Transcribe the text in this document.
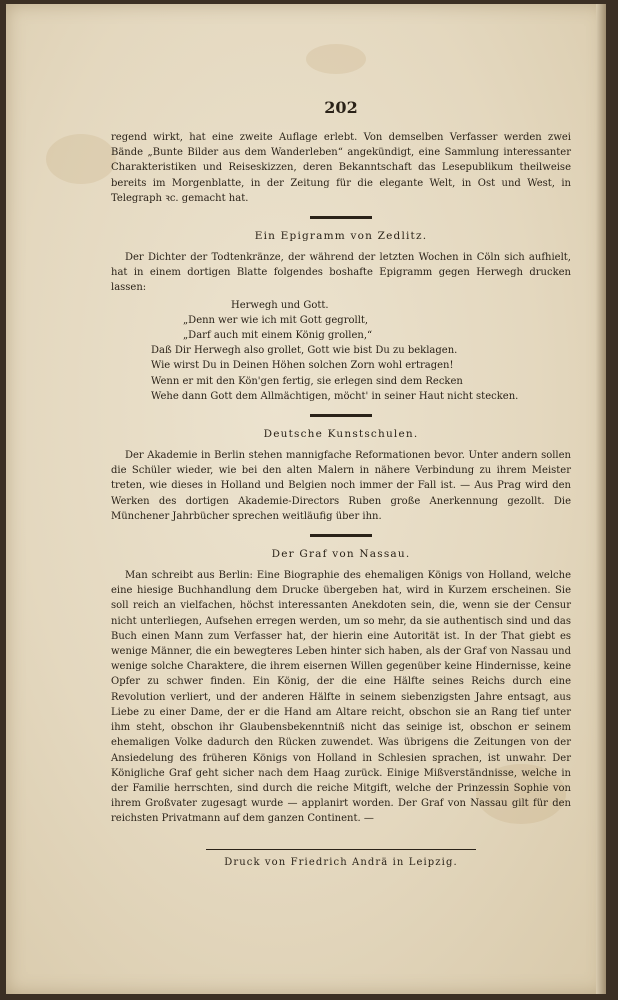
202

regend wirkt, hat eine zweite Auflage erlebt. Von demselben Verfasser werden zwei Bände „Bunte Bilder aus dem Wanderleben“ angekündigt, eine Sammlung interessanter Charakteristiken und Reiseskizzen, deren Bekanntschaft das Lesepublikum theilweise bereits im Morgenblatte, in der Zeitung für die elegante Welt, in Ost und West, in Telegraph ꝛc. gemacht hat.

Ein Epigramm von Zedlitz.

Der Dichter der Todtenkränze, der während der letzten Wochen in Cöln sich aufhielt, hat in einem dortigen Blatte folgendes boshafte Epigramm gegen Herwegh drucken lassen:

Herwegh und Gott.
„Denn wer wie ich mit Gott gegrollt,
„Darf auch mit einem König grollen,“
Daß Dir Herwegh also grollet, Gott wie bist Du zu beklagen.
Wie wirst Du in Deinen Höhen solchen Zorn wohl ertragen!
Wenn er mit den Kön'gen fertig, sie erlegen sind dem Recken
Wehe dann Gott dem Allmächtigen, möcht' in seiner Haut nicht stecken.
Deutsche Kunstschulen.

Der Akademie in Berlin stehen mannigfache Reformationen bevor. Unter andern sollen die Schüler wieder, wie bei den alten Malern in nähere Verbindung zu ihrem Meister treten, wie dieses in Holland und Belgien noch immer der Fall ist. — Aus Prag wird den Werken des dortigen Akademie-Directors Ruben große Anerkennung gezollt. Die Münchener Jahrbücher sprechen weitläufig über ihn.

Der Graf von Nassau.

Man schreibt aus Berlin: Eine Biographie des ehemaligen Königs von Holland, welche eine hiesige Buchhandlung dem Drucke übergeben hat, wird in Kurzem erscheinen. Sie soll reich an vielfachen, höchst interessanten Anekdoten sein, die, wenn sie der Censur nicht unterliegen, Aufsehen erregen werden, um so mehr, da sie authentisch sind und das Buch einen Mann zum Verfasser hat, der hierin eine Autorität ist. In der That giebt es wenige Männer, die ein bewegteres Leben hinter sich haben, als der Graf von Nassau und wenige solche Charaktere, die ihrem eisernen Willen gegenüber keine Hindernisse, keine Opfer zu schwer finden. Ein König, der die eine Hälfte seines Reichs durch eine Revolution verliert, und der anderen Hälfte in seinem siebenzigsten Jahre entsagt, aus Liebe zu einer Dame, der er die Hand am Altare reicht, obschon sie an Rang tief unter ihm steht, obschon ihr Glaubensbekenntniß nicht das seinige ist, obschon er seinem ehemaligen Volke dadurch den Rücken zuwendet. Was übrigens die Zeitungen von der Ansiedelung des früheren Königs von Holland in Schlesien sprachen, ist unwahr. Der Königliche Graf geht sicher nach dem Haag zurück. Einige Mißverständnisse, welche in der Familie herrschten, sind durch die reiche Mitgift, welche der Prinzessin Sophie von ihrem Großvater zugesagt wurde — applanirt worden. Der Graf von Nassau gilt für den reichsten Privatmann auf dem ganzen Continent. —

Druck von Friedrich Andrä in Leipzig.
